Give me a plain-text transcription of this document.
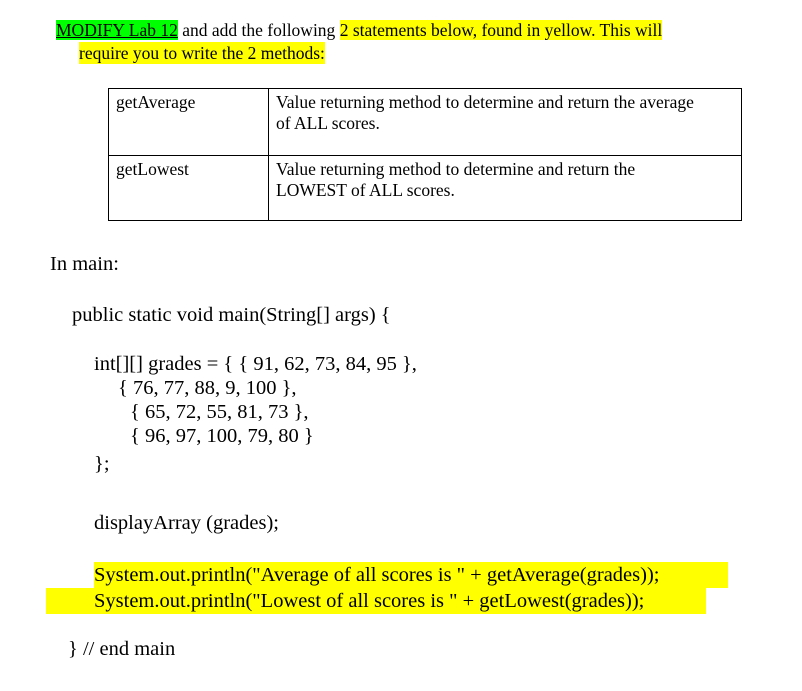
MODIFY Lab 12 and add the following 2 statements below, found in yellow. This will
require you to write the 2 methods:
getAverage	Value returning method to determine and return the average
of ALL scores.

getLowest	Value returning method to determine and return the
LOWEST of ALL scores.
In main:
public static void main(String[] args) {
int[][] grades = { { 91, 62, 73, 84, 95 },
{ 76, 77, 88, 9, 100 },
{ 65, 72, 55, 81, 73 },
{ 96, 97, 100, 79, 80 }
};
displayArray (grades);
System.out.println("Average of all scores is " + getAverage(grades));
System.out.println("Lowest of all scores is " + getLowest(grades));
} // end main
